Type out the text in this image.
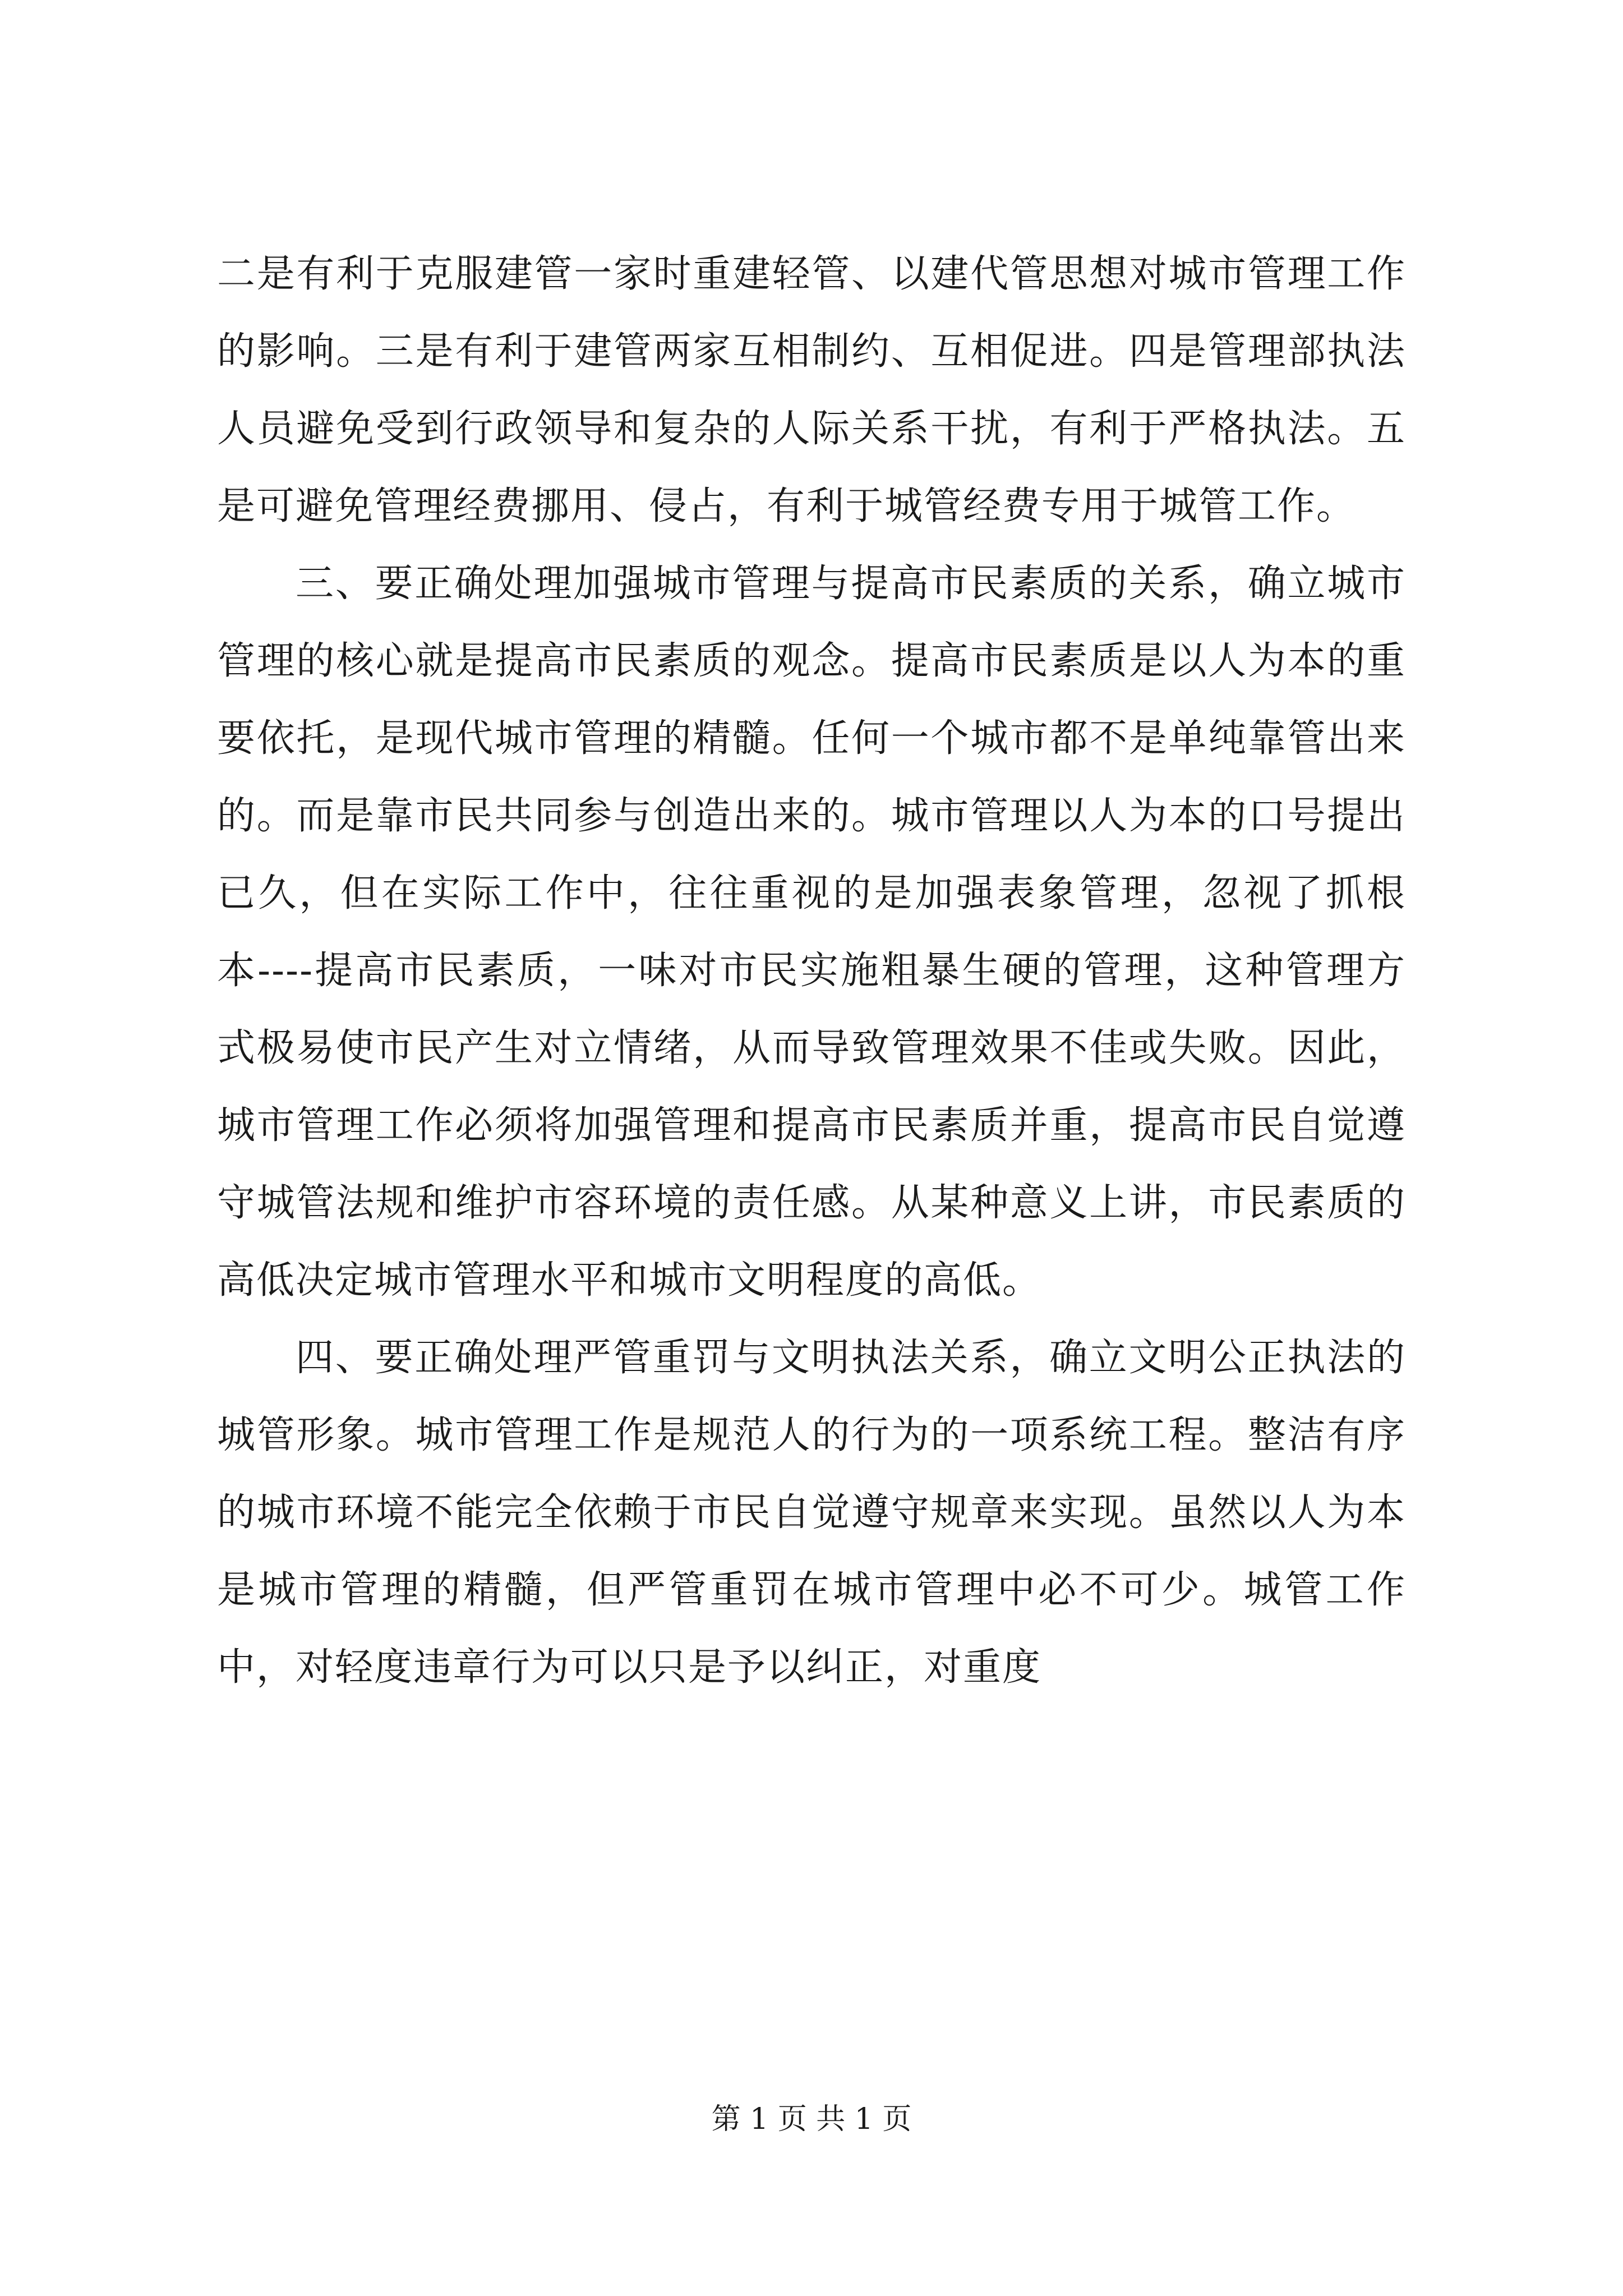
二是有利于克服建管一家时重建轻管、以建代管思想对城市管理工作的影响。三是有利于建管两家互相制约、互相促进。四是管理部执法人员避免受到行政领导和复杂的人际关系干扰，有利于严格执法。五是可避免管理经费挪用、侵占，有利于城管经费专用于城管工作。

三、要正确处理加强城市管理与提高市民素质的关系，确立城市管理的核心就是提高市民素质的观念。提高市民素质是以人为本的重要依托，是现代城市管理的精髓。任何一个城市都不是单纯靠管出来的。而是靠市民共同参与创造出来的。城市管理以人为本的口号提出已久，但在实际工作中，往往重视的是加强表象管理，忽视了抓根本----提高市民素质，一味对市民实施粗暴生硬的管理，这种管理方式极易使市民产生对立情绪，从而导致管理效果不佳或失败。因此，城市管理工作必须将加强管理和提高市民素质并重，提高市民自觉遵守城管法规和维护市容环境的责任感。从某种意义上讲，市民素质的高低决定城市管理水平和城市文明程度的高低。

四、要正确处理严管重罚与文明执法关系，确立文明公正执法的城管形象。城市管理工作是规范人的行为的一项系统工程。整洁有序的城市环境不能完全依赖于市民自觉遵守规章来实现。虽然以人为本是城市管理的精髓，但严管重罚在城市管理中必不可少。城管工作中，对轻度违章行为可以只是予以纠正，对重度

第 1 页 共 1 页
